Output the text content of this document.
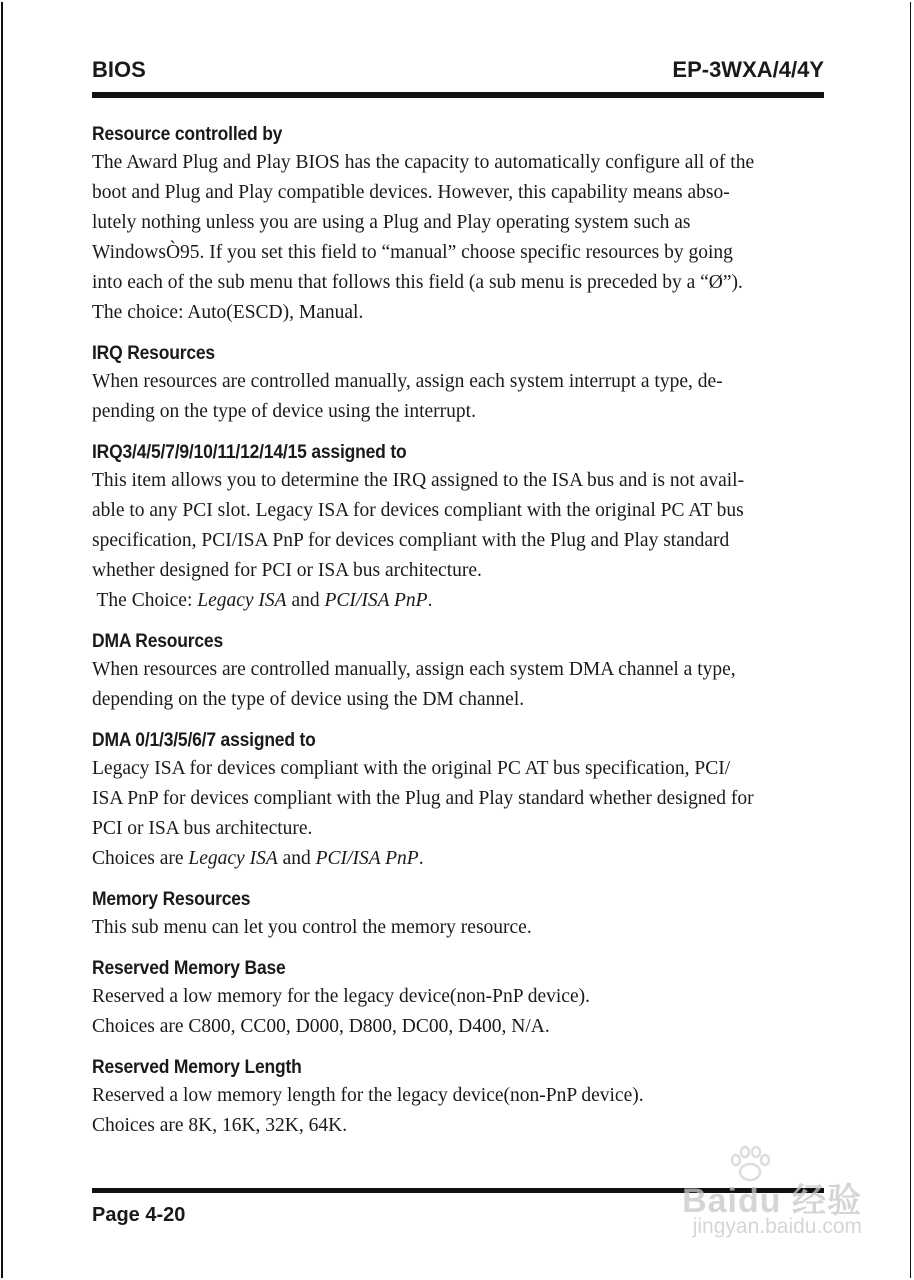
BIOS	EP-3WXA/4/4Y
Resource controlled by

The Award Plug and Play BIOS has the capacity to automatically configure all of the
boot and Plug and Play compatible devices. However, this capability means abso-
lutely nothing unless you are using a Plug and Play operating system such as
WindowsÒ95. If you set this field to “manual” choose specific resources by going
into each of the sub menu that follows this field (a sub menu is preceded by a “Ø”).
The choice: Auto(ESCD), Manual.

IRQ Resources

When resources are controlled manually, assign each system interrupt a type, de-
pending on the type of device using the interrupt.

IRQ3/4/5/7/9/10/11/12/14/15 assigned to

This item allows you to determine the IRQ assigned to the ISA bus and is not avail-
able to any PCI slot. Legacy ISA for devices compliant with the original PC AT bus
specification, PCI/ISA PnP for devices compliant with the Plug and Play standard
whether designed for PCI or ISA bus architecture.
The Choice: Legacy ISA and PCI/ISA PnP.

DMA Resources

When resources are controlled manually, assign each system DMA channel a type,
depending on the type of device using the DM channel.

DMA 0/1/3/5/6/7 assigned to

Legacy ISA for devices compliant with the original PC AT bus specification, PCI/
ISA PnP for devices compliant with the Plug and Play standard whether designed for
PCI or ISA bus architecture.
Choices are Legacy ISA and PCI/ISA PnP.

Memory Resources

This sub menu can let you control the memory resource.

Reserved Memory Base

Reserved a low memory for the legacy device(non-PnP device).
Choices are C800, CC00, D000, D800, DC00, D400, N/A.

Reserved Memory Length

Reserved a low memory length for the legacy device(non-PnP device).
Choices are 8K, 16K, 32K, 64K.

Page 4-20	Baidu 经验
jingyan.baidu.com
